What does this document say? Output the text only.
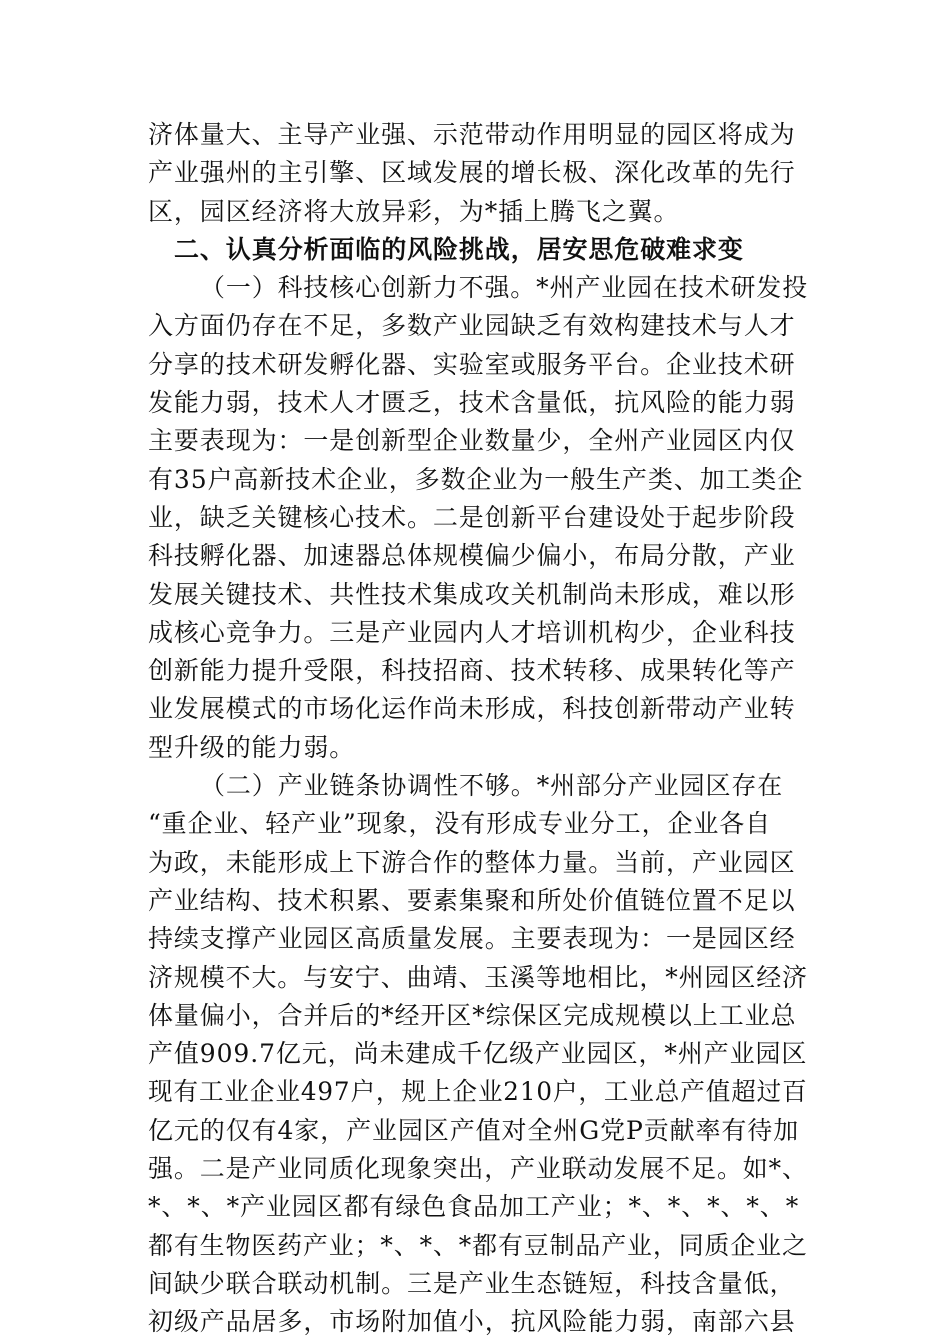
济体量大、主导产业强、示范带动作用明显的园区将成为
产业强州的主引擎、区域发展的增长极、深化改革的先行
区，园区经济将大放异彩，为*插上腾飞之翼。
二、认真分析面临的风险挑战，居安思危破难求变
（一）科技核心创新力不强。*州产业园在技术研发投
入方面仍存在不足，多数产业园缺乏有效构建技术与人才
分享的技术研发孵化器、实验室或服务平台。企业技术研
发能力弱，技术人才匮乏，技术含量低，抗风险的能力弱
主要表现为：一是创新型企业数量少，全州产业园区内仅
有35户高新技术企业，多数企业为一般生产类、加工类企
业，缺乏关键核心技术。二是创新平台建设处于起步阶段
科技孵化器、加速器总体规模偏少偏小，布局分散，产业
发展关键技术、共性技术集成攻关机制尚未形成，难以形
成核心竞争力。三是产业园内人才培训机构少，企业科技
创新能力提升受限，科技招商、技术转移、成果转化等产
业发展模式的市场化运作尚未形成，科技创新带动产业转
型升级的能力弱。
（二）产业链条协调性不够。*州部分产业园区存在
“重企业、轻产业”现象，没有形成专业分工，企业各自
为政，未能形成上下游合作的整体力量。当前，产业园区
产业结构、技术积累、要素集聚和所处价值链位置不足以
持续支撑产业园区高质量发展。主要表现为：一是园区经
济规模不大。与安宁、曲靖、玉溪等地相比，*州园区经济
体量偏小，合并后的*经开区*综保区完成规模以上工业总
产值909.7亿元，尚未建成千亿级产业园区，*州产业园区
现有工业企业497户，规上企业210户，工业总产值超过百
亿元的仅有4家，产业园区产值对全州G党P贡献率有待加
强。二是产业同质化现象突出，产业联动发展不足。如*、
*、*、*产业园区都有绿色食品加工产业；*、*、*、*、*
都有生物医药产业；*、*、*都有豆制品产业，同质企业之
间缺少联合联动机制。三是产业生态链短，科技含量低，
初级产品居多，市场附加值小，抗风险能力弱，南部六县
